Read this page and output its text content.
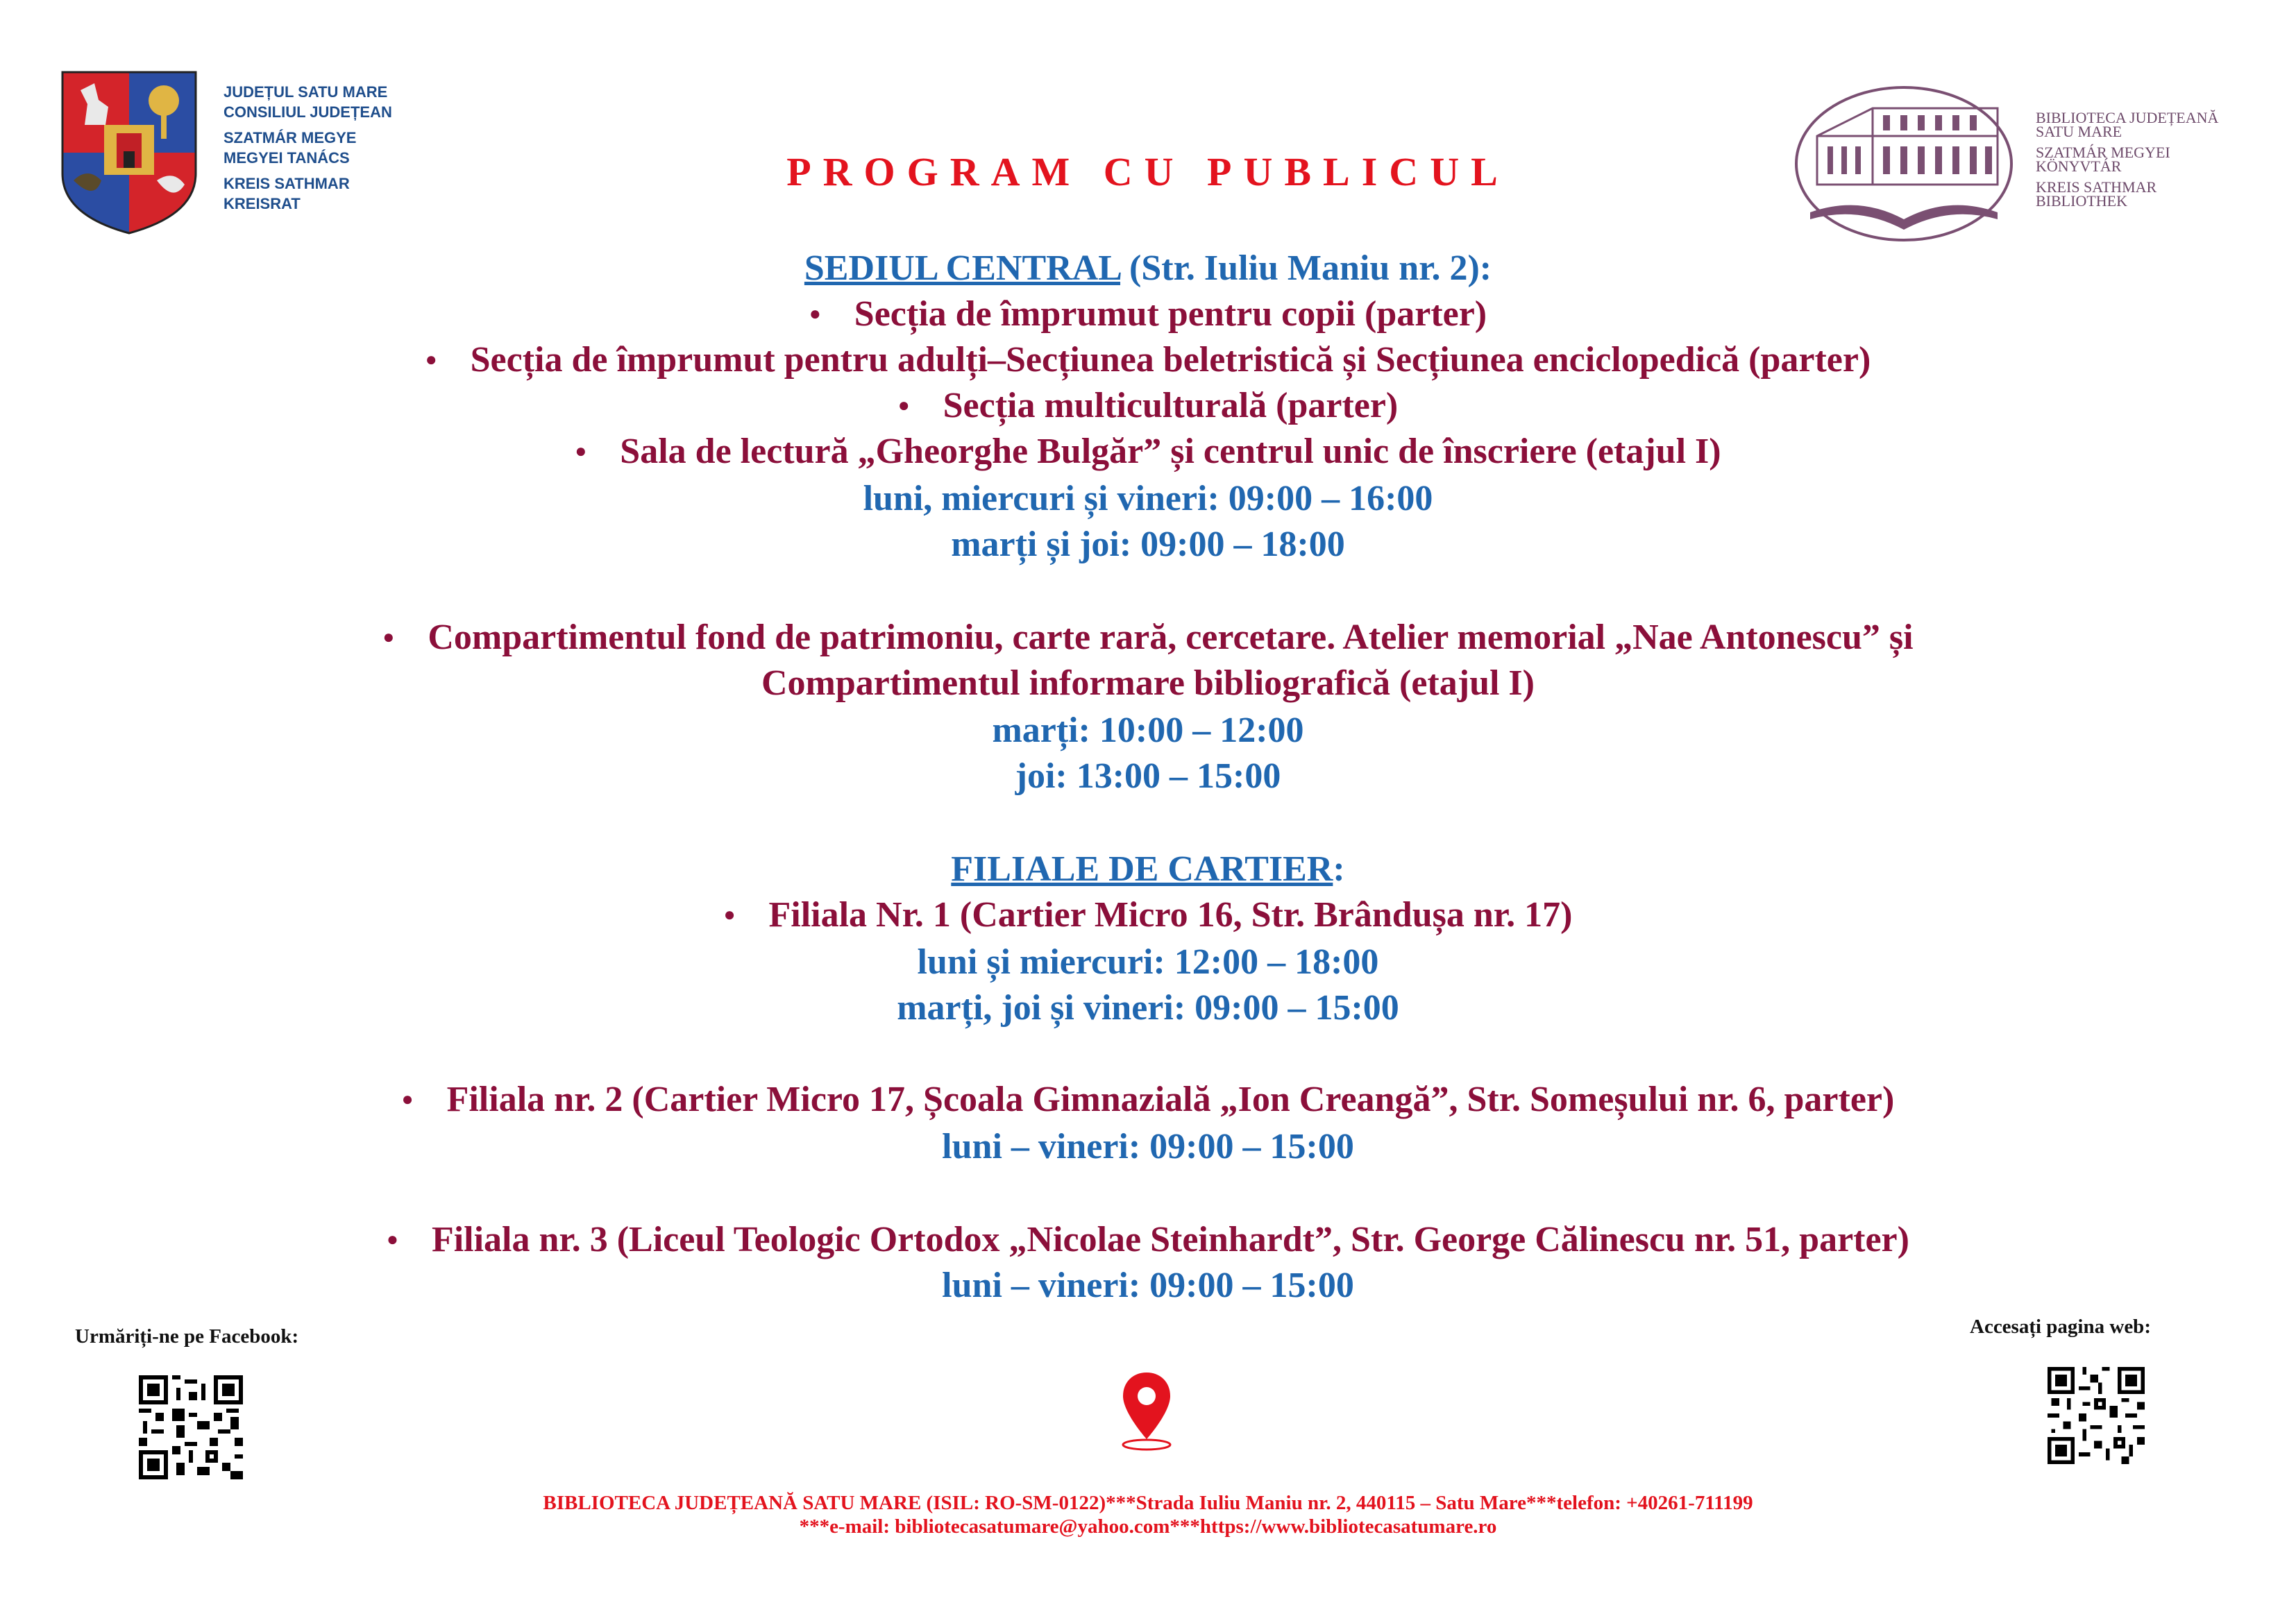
JUDEȚUL SATU MARE
CONSILIUL JUDEȚEAN
SZATMÁR MEGYE
MEGYEI TANÁCS
KREIS SATHMAR
KREISRAT
BIBLIOTECA JUDEȚEANĂ
SATU MARE
SZATMÁR MEGYEI
KÖNYVTÁR
KREIS SATHMAR
BIBLIOTHEK
PROGRAM CU PUBLICUL
SEDIUL CENTRAL (Str. Iuliu Maniu nr. 2):
● Secția de împrumut pentru copii (parter)
● Secția de împrumut pentru adulți–Secțiunea beletristică și Secțiunea enciclopedică (parter)
● Secția multiculturală (parter)
● Sala de lectură „Gheorghe Bulgăr” și centrul unic de înscriere (etajul I)
luni, miercuri și vineri: 09:00 – 16:00
marți și joi: 09:00 – 18:00
● Compartimentul fond de patrimoniu, carte rară, cercetare. Atelier memorial „Nae Antonescu” și
Compartimentul informare bibliografică (etajul I)
marți: 10:00 – 12:00
joi: 13:00 – 15:00
FILIALE DE CARTIER:
● Filiala Nr. 1 (Cartier Micro 16, Str. Brândușa nr. 17)
luni și miercuri: 12:00 – 18:00
marți, joi și vineri: 09:00 – 15:00
● Filiala nr. 2 (Cartier Micro 17, Școala Gimnazială „Ion Creangă”, Str. Someșului nr. 6, parter)
luni – vineri: 09:00 – 15:00
● Filiala nr. 3 (Liceul Teologic Ortodox „Nicolae Steinhardt”, Str. George Călinescu nr. 51, parter)
luni – vineri: 09:00 – 15:00
Urmăriți-ne pe Facebook:	Accesați pagina web:
BIBLIOTECA JUDEȚEANĂ SATU MARE (ISIL: RO-SM-0122)***Strada Iuliu Maniu nr. 2, 440115 – Satu Mare***telefon: +40261-711199
***e-mail: bibliotecasatumare@yahoo.com***https://www.bibliotecasatumare.ro
